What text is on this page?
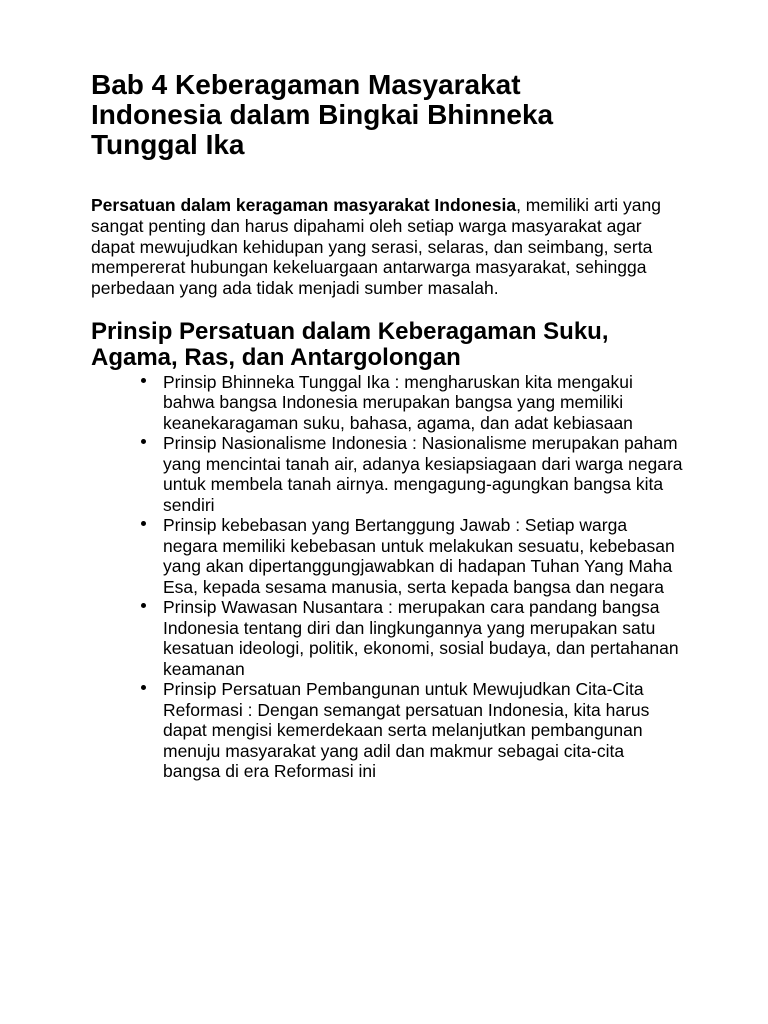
Bab 4 Keberagaman Masyarakat Indonesia dalam Bingkai Bhinneka Tunggal Ika

Persatuan dalam keragaman masyarakat Indonesia, memiliki arti yang sangat penting dan harus dipahami oleh setiap warga masyarakat agar dapat mewujudkan kehidupan yang serasi, selaras, dan seimbang, serta mempererat hubungan kekeluargaan antarwarga masyarakat, sehingga perbedaan yang ada tidak menjadi sumber masalah.

Prinsip Persatuan dalam Keberagaman Suku, Agama, Ras, dan Antargolongan
Prinsip Bhinneka Tunggal Ika : mengharuskan kita mengakui bahwa bangsa Indonesia merupakan bangsa yang memiliki keanekaragaman suku, bahasa, agama, dan adat kebiasaan
Prinsip Nasionalisme Indonesia : Nasionalisme merupakan paham yang mencintai tanah air, adanya kesiapsiagaan dari warga negara untuk membela tanah airnya. mengagung-agungkan bangsa kita sendiri
Prinsip kebebasan yang Bertanggung Jawab : Setiap warga negara memiliki kebebasan untuk melakukan sesuatu, kebebasan yang akan dipertanggungjawabkan di hadapan Tuhan Yang Maha Esa, kepada sesama manusia, serta kepada bangsa dan negara
Prinsip Wawasan Nusantara : merupakan cara pandang bangsa Indonesia tentang diri dan lingkungannya yang merupakan satu kesatuan ideologi, politik, ekonomi, sosial budaya, dan pertahanan keamanan
Prinsip Persatuan Pembangunan untuk Mewujudkan Cita-Cita Reformasi : Dengan semangat persatuan Indonesia, kita harus dapat mengisi kemerdekaan serta melanjutkan pembangunan menuju masyarakat yang adil dan makmur sebagai cita-cita bangsa di era Reformasi ini
